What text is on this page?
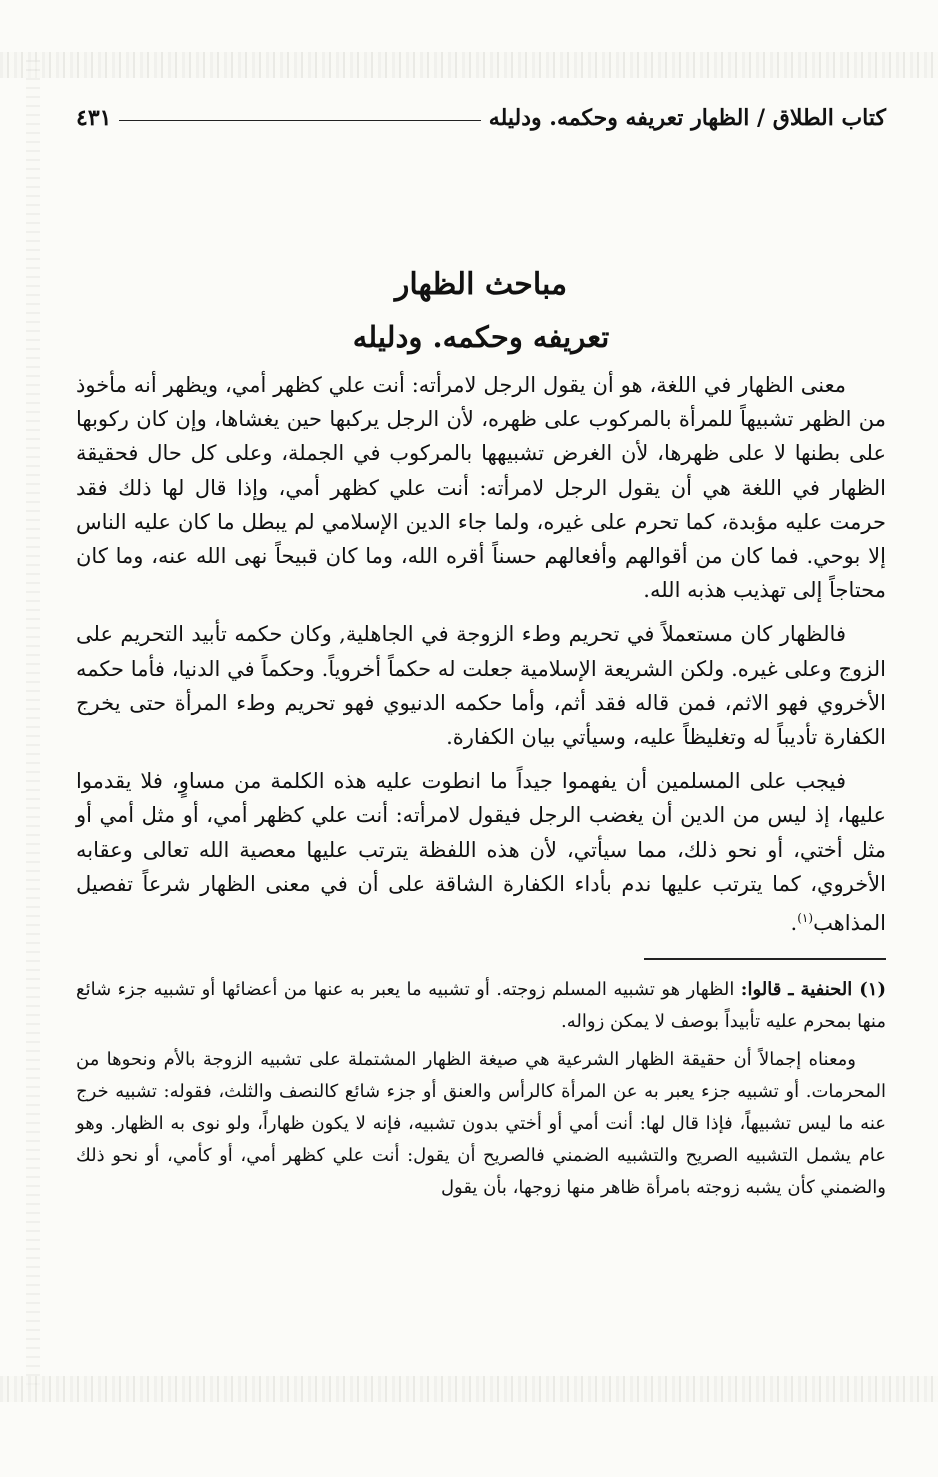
كتاب الطلاق / الظهار تعريفه وحكمه. ودليله
٤٣١
مباحث الظهار
تعريفه وحكمه. ودليله

معنى الظهار في اللغة، هو أن يقول الرجل لامرأته: أنت علي كظهر أمي، ويظهر أنه مأخوذ من الظهر تشبيهاً للمرأة بالمركوب على ظهره، لأن الرجل يركبها حين يغشاها، وإن كان ركوبها على بطنها لا على ظهرها، لأن الغرض تشبيهها بالمركوب في الجملة، وعلى كل حال فحقيقة الظهار في اللغة هي أن يقول الرجل لامرأته: أنت علي كظهر أمي، وإذا قال لها ذلك فقد حرمت عليه مؤبدة، كما تحرم على غيره، ولما جاء الدين الإسلامي لم يبطل ما كان عليه الناس إلا بوحي. فما كان من أقوالهم وأفعالهم حسناً أقره الله، وما كان قبيحاً نهى الله عنه، وما كان محتاجاً إلى تهذيب هذبه الله.

فالظهار كان مستعملاً في تحريم وطء الزوجة في الجاهلية, وكان حكمه تأبيد التحريم على الزوج وعلى غيره. ولكن الشريعة الإسلامية جعلت له حكماً أخروياً. وحكماً في الدنيا، فأما حكمه الأخروي فهو الاثم، فمن قاله فقد أثم، وأما حكمه الدنيوي فهو تحريم وطء المرأة حتى يخرج الكفارة تأديباً له وتغليظاً عليه، وسيأتي بيان الكفارة.

فيجب على المسلمين أن يفهموا جيداً ما انطوت عليه هذه الكلمة من مساوٍ، فلا يقدموا عليها، إذ ليس من الدين أن يغضب الرجل فيقول لامرأته: أنت علي كظهر أمي، أو مثل أمي أو مثل أختي، أو نحو ذلك، مما سيأتي، لأن هذه اللفظة يترتب عليها معصية الله تعالى وعقابه الأخروي، كما يترتب عليها ندم بأداء الكفارة الشاقة على أن في معنى الظهار شرعاً تفصيل المذاهب$^{(١)}$.

(١) الحنفية ـ قالوا: الظهار هو تشبيه المسلم زوجته. أو تشبيه ما يعبر به عنها من أعضائها أو تشبيه جزء شائع منها بمحرم عليه تأبيداً بوصف لا يمكن زواله.

ومعناه إجمالاً أن حقيقة الظهار الشرعية هي صيغة الظهار المشتملة على تشبيه الزوجة بالأم ونحوها من المحرمات. أو تشبيه جزء يعبر به عن المرأة كالرأس والعنق أو جزء شائع كالنصف والثلث، فقوله: تشبيه خرج عنه ما ليس تشبيهاً، فإذا قال لها: أنت أمي أو أختي بدون تشبيه، فإنه لا يكون ظهاراً، ولو نوى به الظهار. وهو عام يشمل التشبيه الصريح والتشبيه الضمني فالصريح أن يقول: أنت علي كظهر أمي، أو كأمي، أو نحو ذلك والضمني كأن يشبه زوجته بامرأة ظاهر منها زوجها، بأن يقول
